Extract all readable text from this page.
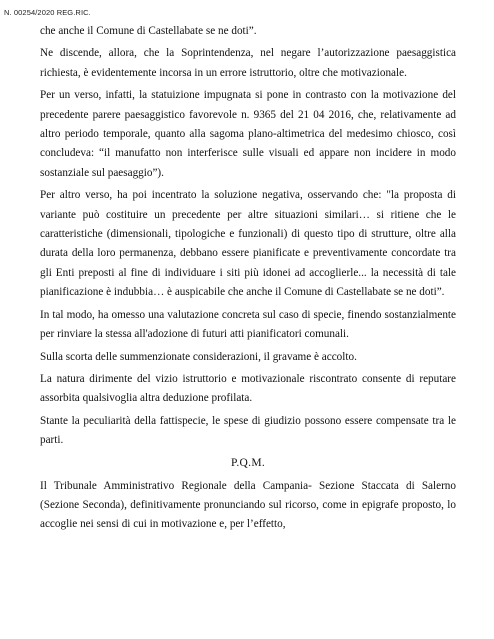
N. 00254/2020 REG.RIC.

che anche il Comune di Castellabate se ne doti”.

Ne discende, allora, che la Soprintendenza, nel negare l’autorizzazione paesaggistica richiesta, è evidentemente incorsa in un errore istruttorio, oltre che motivazionale.

Per un verso, infatti, la statuizione impugnata si pone in contrasto con la motivazione del precedente parere paesaggistico favorevole n. 9365 del 21 04 2016, che, relativamente ad altro periodo temporale, quanto alla sagoma plano-altimetrica del medesimo chiosco, così concludeva: “il manufatto non interferisce sulle visuali ed appare non incidere in modo sostanziale sul paesaggio”).

Per altro verso, ha poi incentrato la soluzione negativa, osservando che: "la proposta di variante può costituire un precedente per altre situazioni similari… si ritiene che le caratteristiche (dimensionali, tipologiche e funzionali) di questo tipo di strutture, oltre alla durata della loro permanenza, debbano essere pianificate e preventivamente concordate tra gli Enti preposti al fine di individuare i siti più idonei ad accoglierle... la necessità di tale pianificazione è indubbia… è auspicabile che anche il Comune di Castellabate se ne doti”.

In tal modo, ha omesso una valutazione concreta sul caso di specie, finendo sostanzialmente per rinviare la stessa all'adozione di futuri atti pianificatori comunali.

Sulla scorta delle summenzionate considerazioni, il gravame è accolto.

La natura dirimente del vizio istruttorio e motivazionale riscontrato consente di reputare assorbita qualsivoglia altra deduzione profilata.

Stante la peculiarità della fattispecie, le spese di giudizio possono essere compensate tra le parti.

P.Q.M.

Il Tribunale Amministrativo Regionale della Campania- Sezione Staccata di Salerno (Sezione Seconda), definitivamente pronunciando sul ricorso, come in epigrafe proposto, lo accoglie nei sensi di cui in motivazione e, per l’effetto,
